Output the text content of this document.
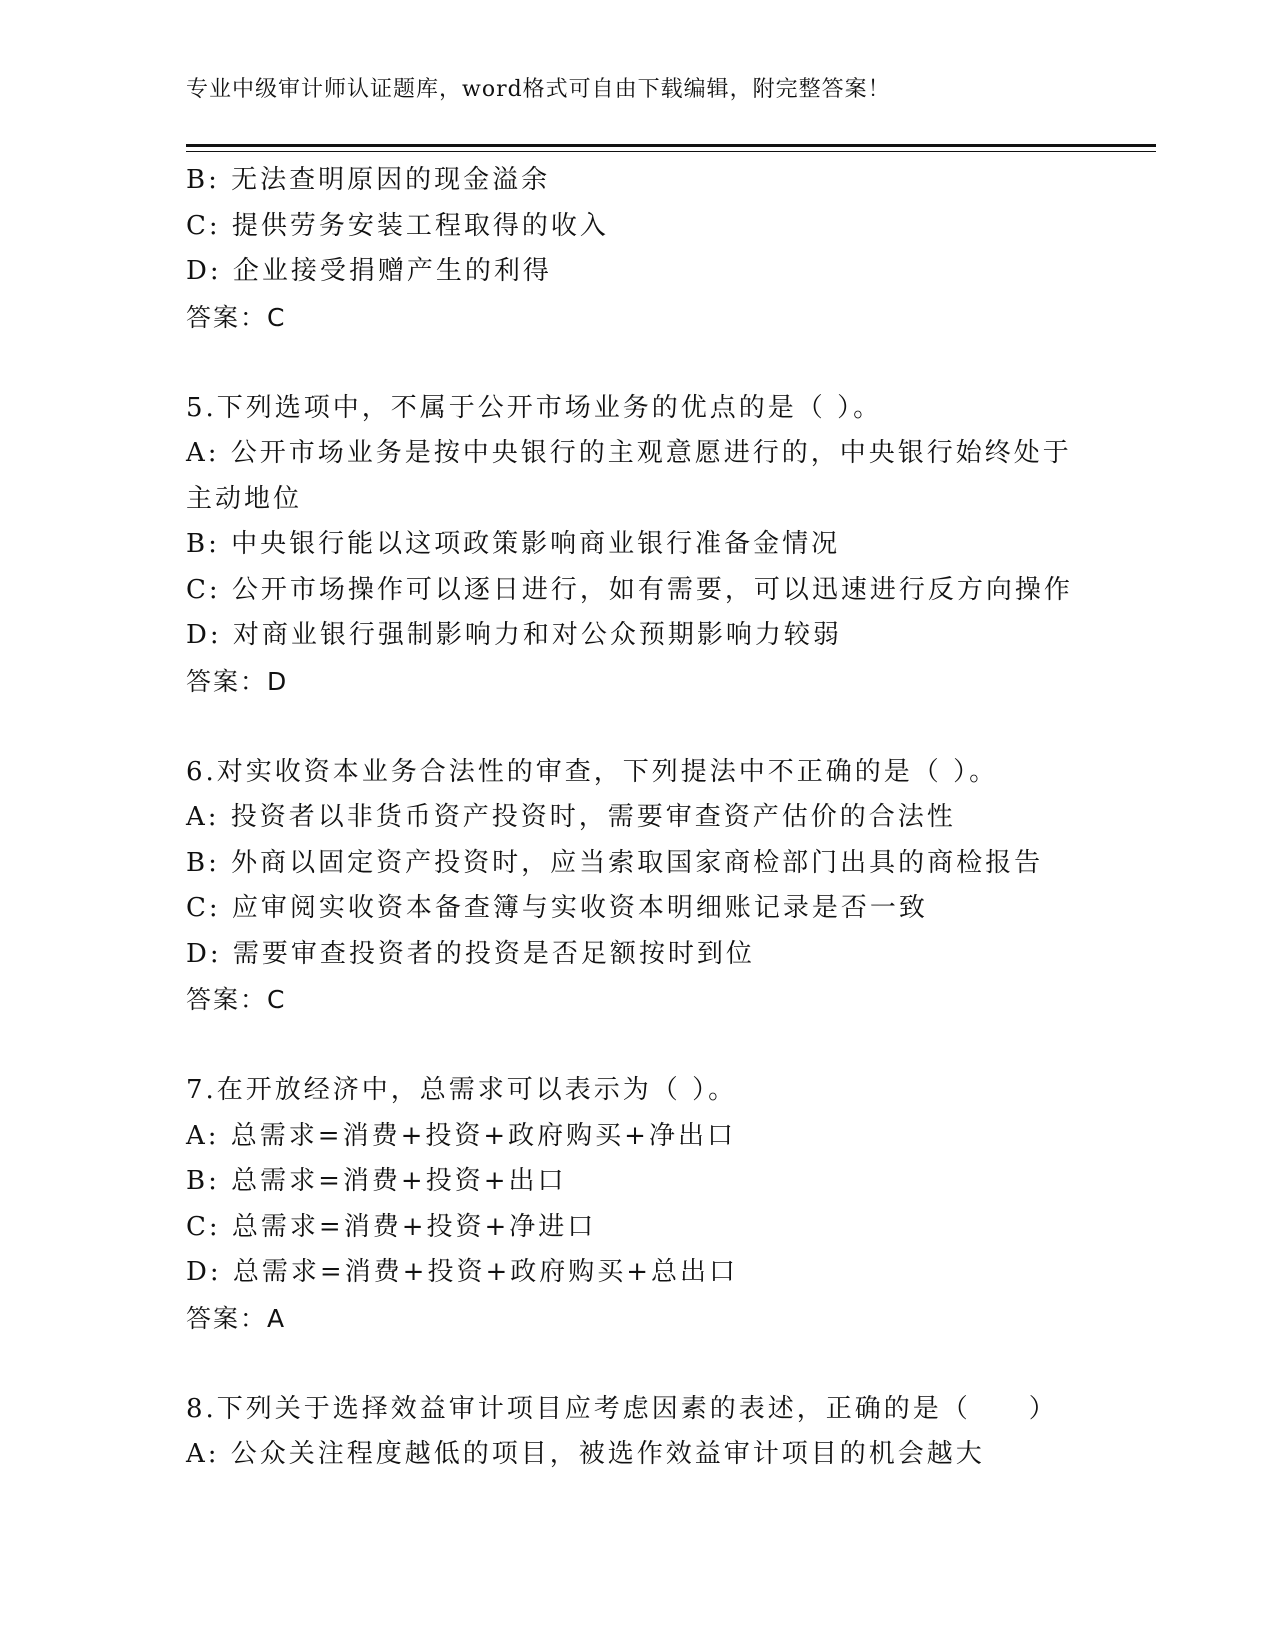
专业中级审计师认证题库，word格式可自由下载编辑，附完整答案！
B: 无法查明原因的现金溢余
C: 提供劳务安装工程取得的收入
D: 企业接受捐赠产生的利得
答案：C
5.下列选项中，不属于公开市场业务的优点的是（ ）。
A: 公开市场业务是按中央银行的主观意愿进行的，中央银行始终处于
主动地位
B: 中央银行能以这项政策影响商业银行准备金情况
C: 公开市场操作可以逐日进行，如有需要，可以迅速进行反方向操作
D: 对商业银行强制影响力和对公众预期影响力较弱
答案：D
6.对实收资本业务合法性的审查，下列提法中不正确的是（ ）。
A: 投资者以非货币资产投资时，需要审查资产估价的合法性
B: 外商以固定资产投资时，应当索取国家商检部门出具的商检报告
C: 应审阅实收资本备查簿与实收资本明细账记录是否一致
D: 需要审查投资者的投资是否足额按时到位
答案：C
7.在开放经济中，总需求可以表示为（ ）。
A: 总需求=消费+投资+政府购买+净出口
B: 总需求=消费+投资+出口
C: 总需求=消费+投资+净进口
D: 总需求=消费+投资+政府购买+总出口
答案：A
8.下列关于选择效益审计项目应考虑因素的表述，正确的是（　　）
A: 公众关注程度越低的项目，被选作效益审计项目的机会越大
